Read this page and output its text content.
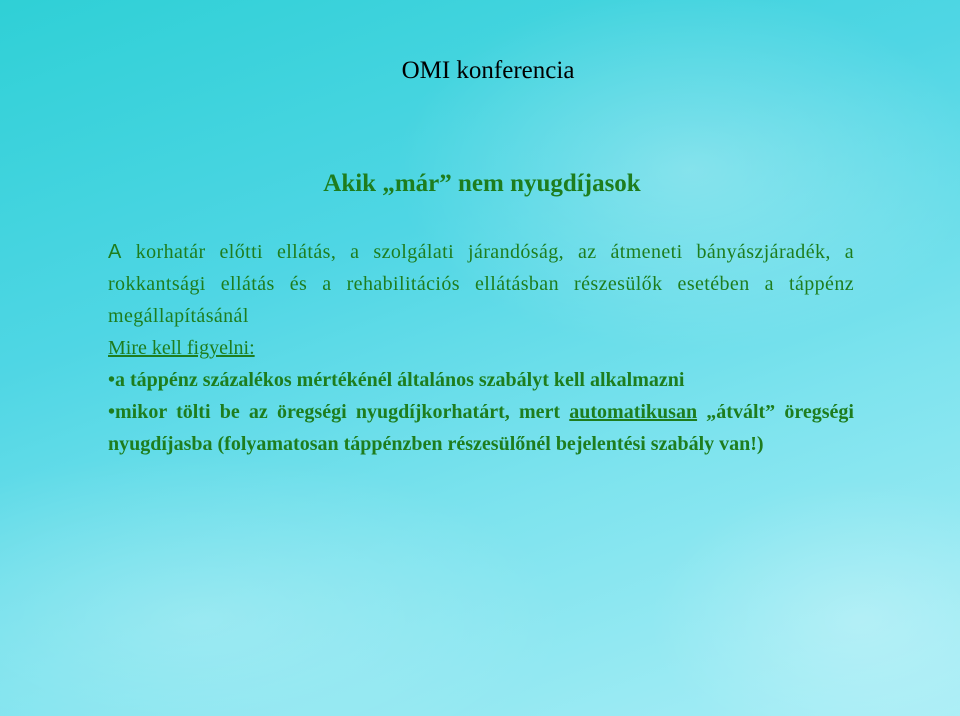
OMI konferencia
Akik „már” nem nyugdíjasok

A korhatár előtti ellátás, a szolgálati járandóság, az átmeneti bányászjáradék, a rokkantsági ellátás és a rehabilitációs ellátásban részesülők esetében a táppénz megállapításánál

Mire kell figyelni:

•a táppénz százalékos mértékénél általános szabályt kell alkalmazni

•mikor tölti be az öregségi nyugdíjkorhatárt, mert automatikusan „átvált” öregségi nyugdíjasba (folyamatosan táppénzben részesülőnél bejelentési szabály van!)
